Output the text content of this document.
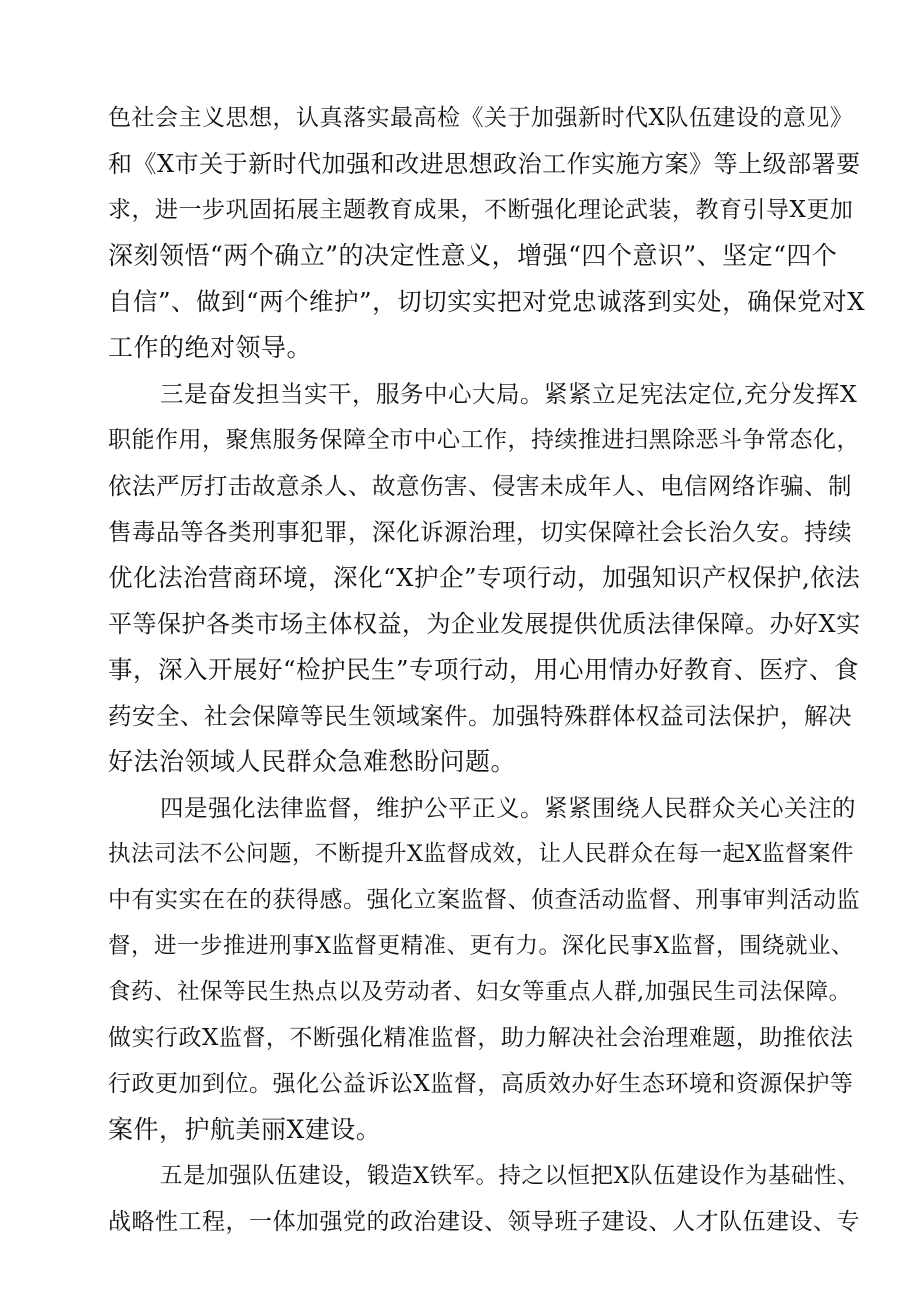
色社会主义思想，认真落实最高检《关于加强新时代X队伍建设的意见》
和《X市关于新时代加强和改进思想政治工作实施方案》等上级部署要
求，进一步巩固拓展主题教育成果，不断强化理论武装，教育引导X更加
深刻领悟“两个确立”的决定性意义，增强“四个意识”、坚定“四个
自信”、做到“两个维护”，切切实实把对党忠诚落到实处，确保党对X
工作的绝对领导。
三是奋发担当实干，服务中心大局。紧紧立足宪法定位,充分发挥X
职能作用，聚焦服务保障全市中心工作，持续推进扫黑除恶斗争常态化，
依法严厉打击故意杀人、故意伤害、侵害未成年人、电信网络诈骗、制
售毒品等各类刑事犯罪，深化诉源治理，切实保障社会长治久安。持续
优化法治营商环境，深化“X护企”专项行动，加强知识产权保护,依法
平等保护各类市场主体权益，为企业发展提供优质法律保障。办好X实
事，深入开展好“检护民生”专项行动，用心用情办好教育、医疗、食
药安全、社会保障等民生领域案件。加强特殊群体权益司法保护，解决
好法治领域人民群众急难愁盼问题。
四是强化法律监督，维护公平正义。紧紧围绕人民群众关心关注的
执法司法不公问题，不断提升X监督成效，让人民群众在每一起X监督案件
中有实实在在的获得感。强化立案监督、侦查活动监督、刑事审判活动监
督，进一步推进刑事X监督更精准、更有力。深化民事X监督，围绕就业、
食药、社保等民生热点以及劳动者、妇女等重点人群,加强民生司法保障。
做实行政X监督，不断强化精准监督，助力解决社会治理难题，助推依法
行政更加到位。强化公益诉讼X监督，高质效办好生态环境和资源保护等
案件，护航美丽X建设。
五是加强队伍建设，锻造X铁军。持之以恒把X队伍建设作为基础性、
战略性工程，一体加强党的政治建设、领导班子建设、人才队伍建设、专
